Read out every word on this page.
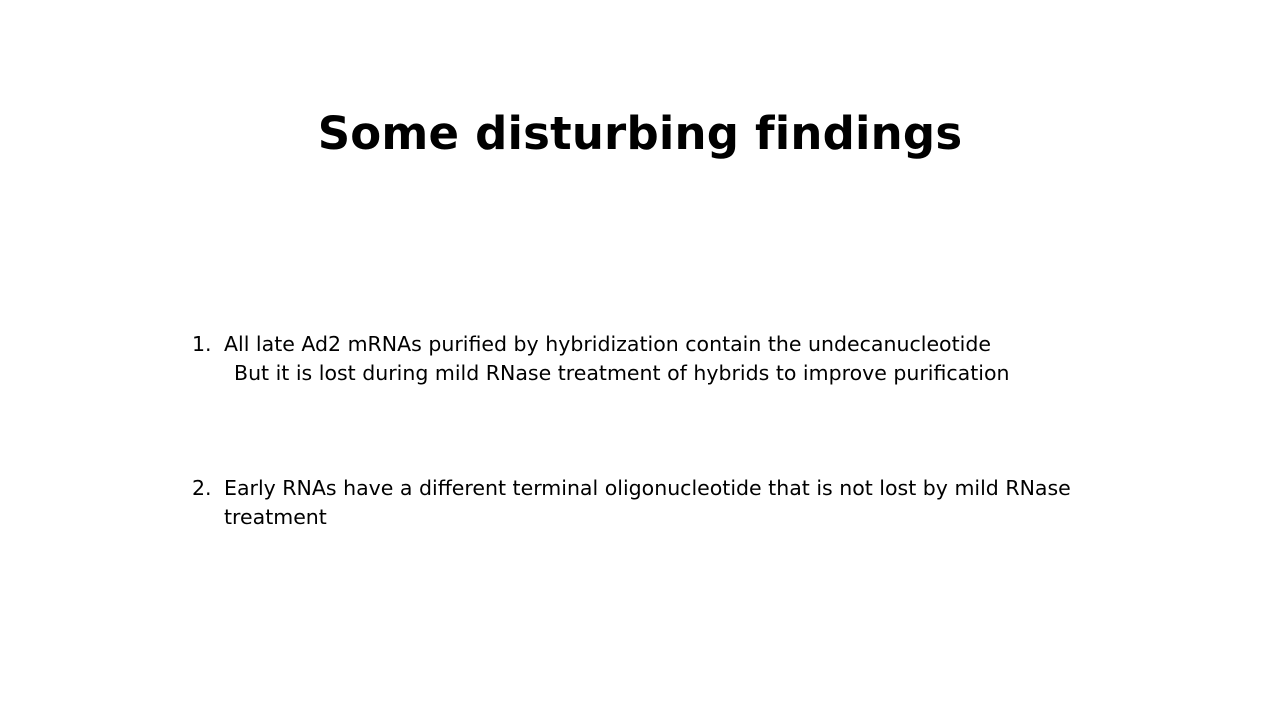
Some disturbing findings
1. All late Ad2 mRNAs purified by hybridization contain the undecanucleotide
But it is lost during mild RNase treatment of hybrids to improve purification
2. Early RNAs have a different terminal oligonucleotide that is not lost by mild RNase treatment
